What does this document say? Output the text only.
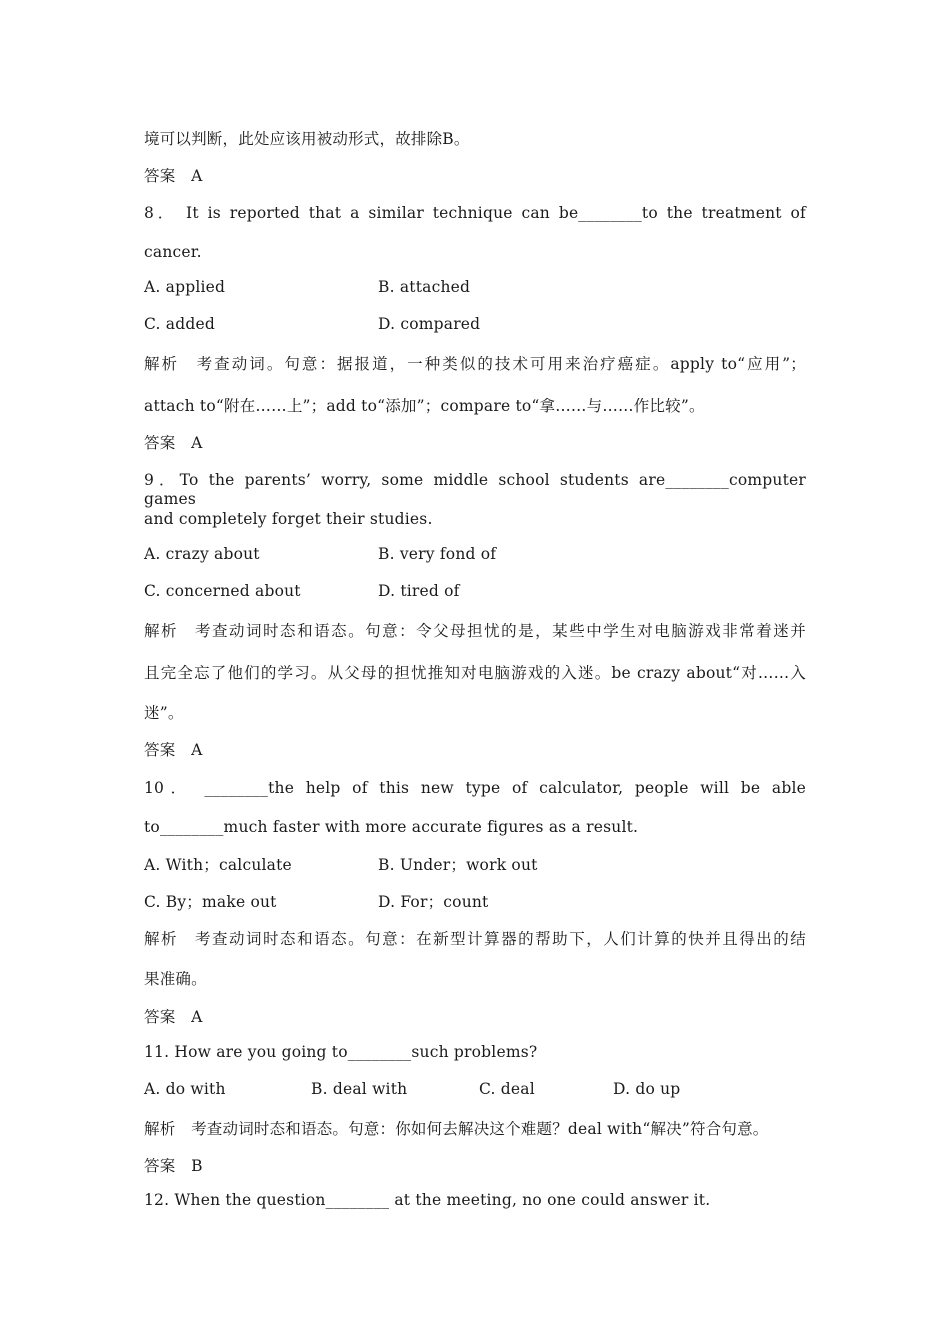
境可以判断，此处应该用被动形式，故排除B。
答案　A
8． It is reported that a similar technique can be________to the treatment of
cancer.
A. applied	B. attached
C. added	D. compared
解析　考查动词。句意：据报道，一种类似的技术可用来治疗癌症。apply to“应用”；
attach to“附在……上”；add to“添加”；compare to“拿……与……作比较”。
答案　A
9．To the parents’ worry, some middle school students are________computer games
and completely forget their studies.
A. crazy about	B. very fond of
C. concerned about	D. tired of
解析　考查动词时态和语态。句意：令父母担忧的是，某些中学生对电脑游戏非常着迷并
且完全忘了他们的学习。从父母的担忧推知对电脑游戏的入迷。be crazy about“对……入
迷”。
答案　A
10． ________the help of this new type of calculator, people will be able
to________much faster with more accurate figures as a result.
A. With；calculate	B. Under；work out
C. By；make out	D. For；count
解析　考查动词时态和语态。句意：在新型计算器的帮助下，人们计算的快并且得出的结
果准确。
答案　A
11. How are you going to________such problems?
A. do with	B. deal with	C. deal	D. do up
解析　考查动词时态和语态。句意：你如何去解决这个难题？deal with“解决”符合句意。
答案　B
12. When the question________ at the meeting, no one could answer it.
